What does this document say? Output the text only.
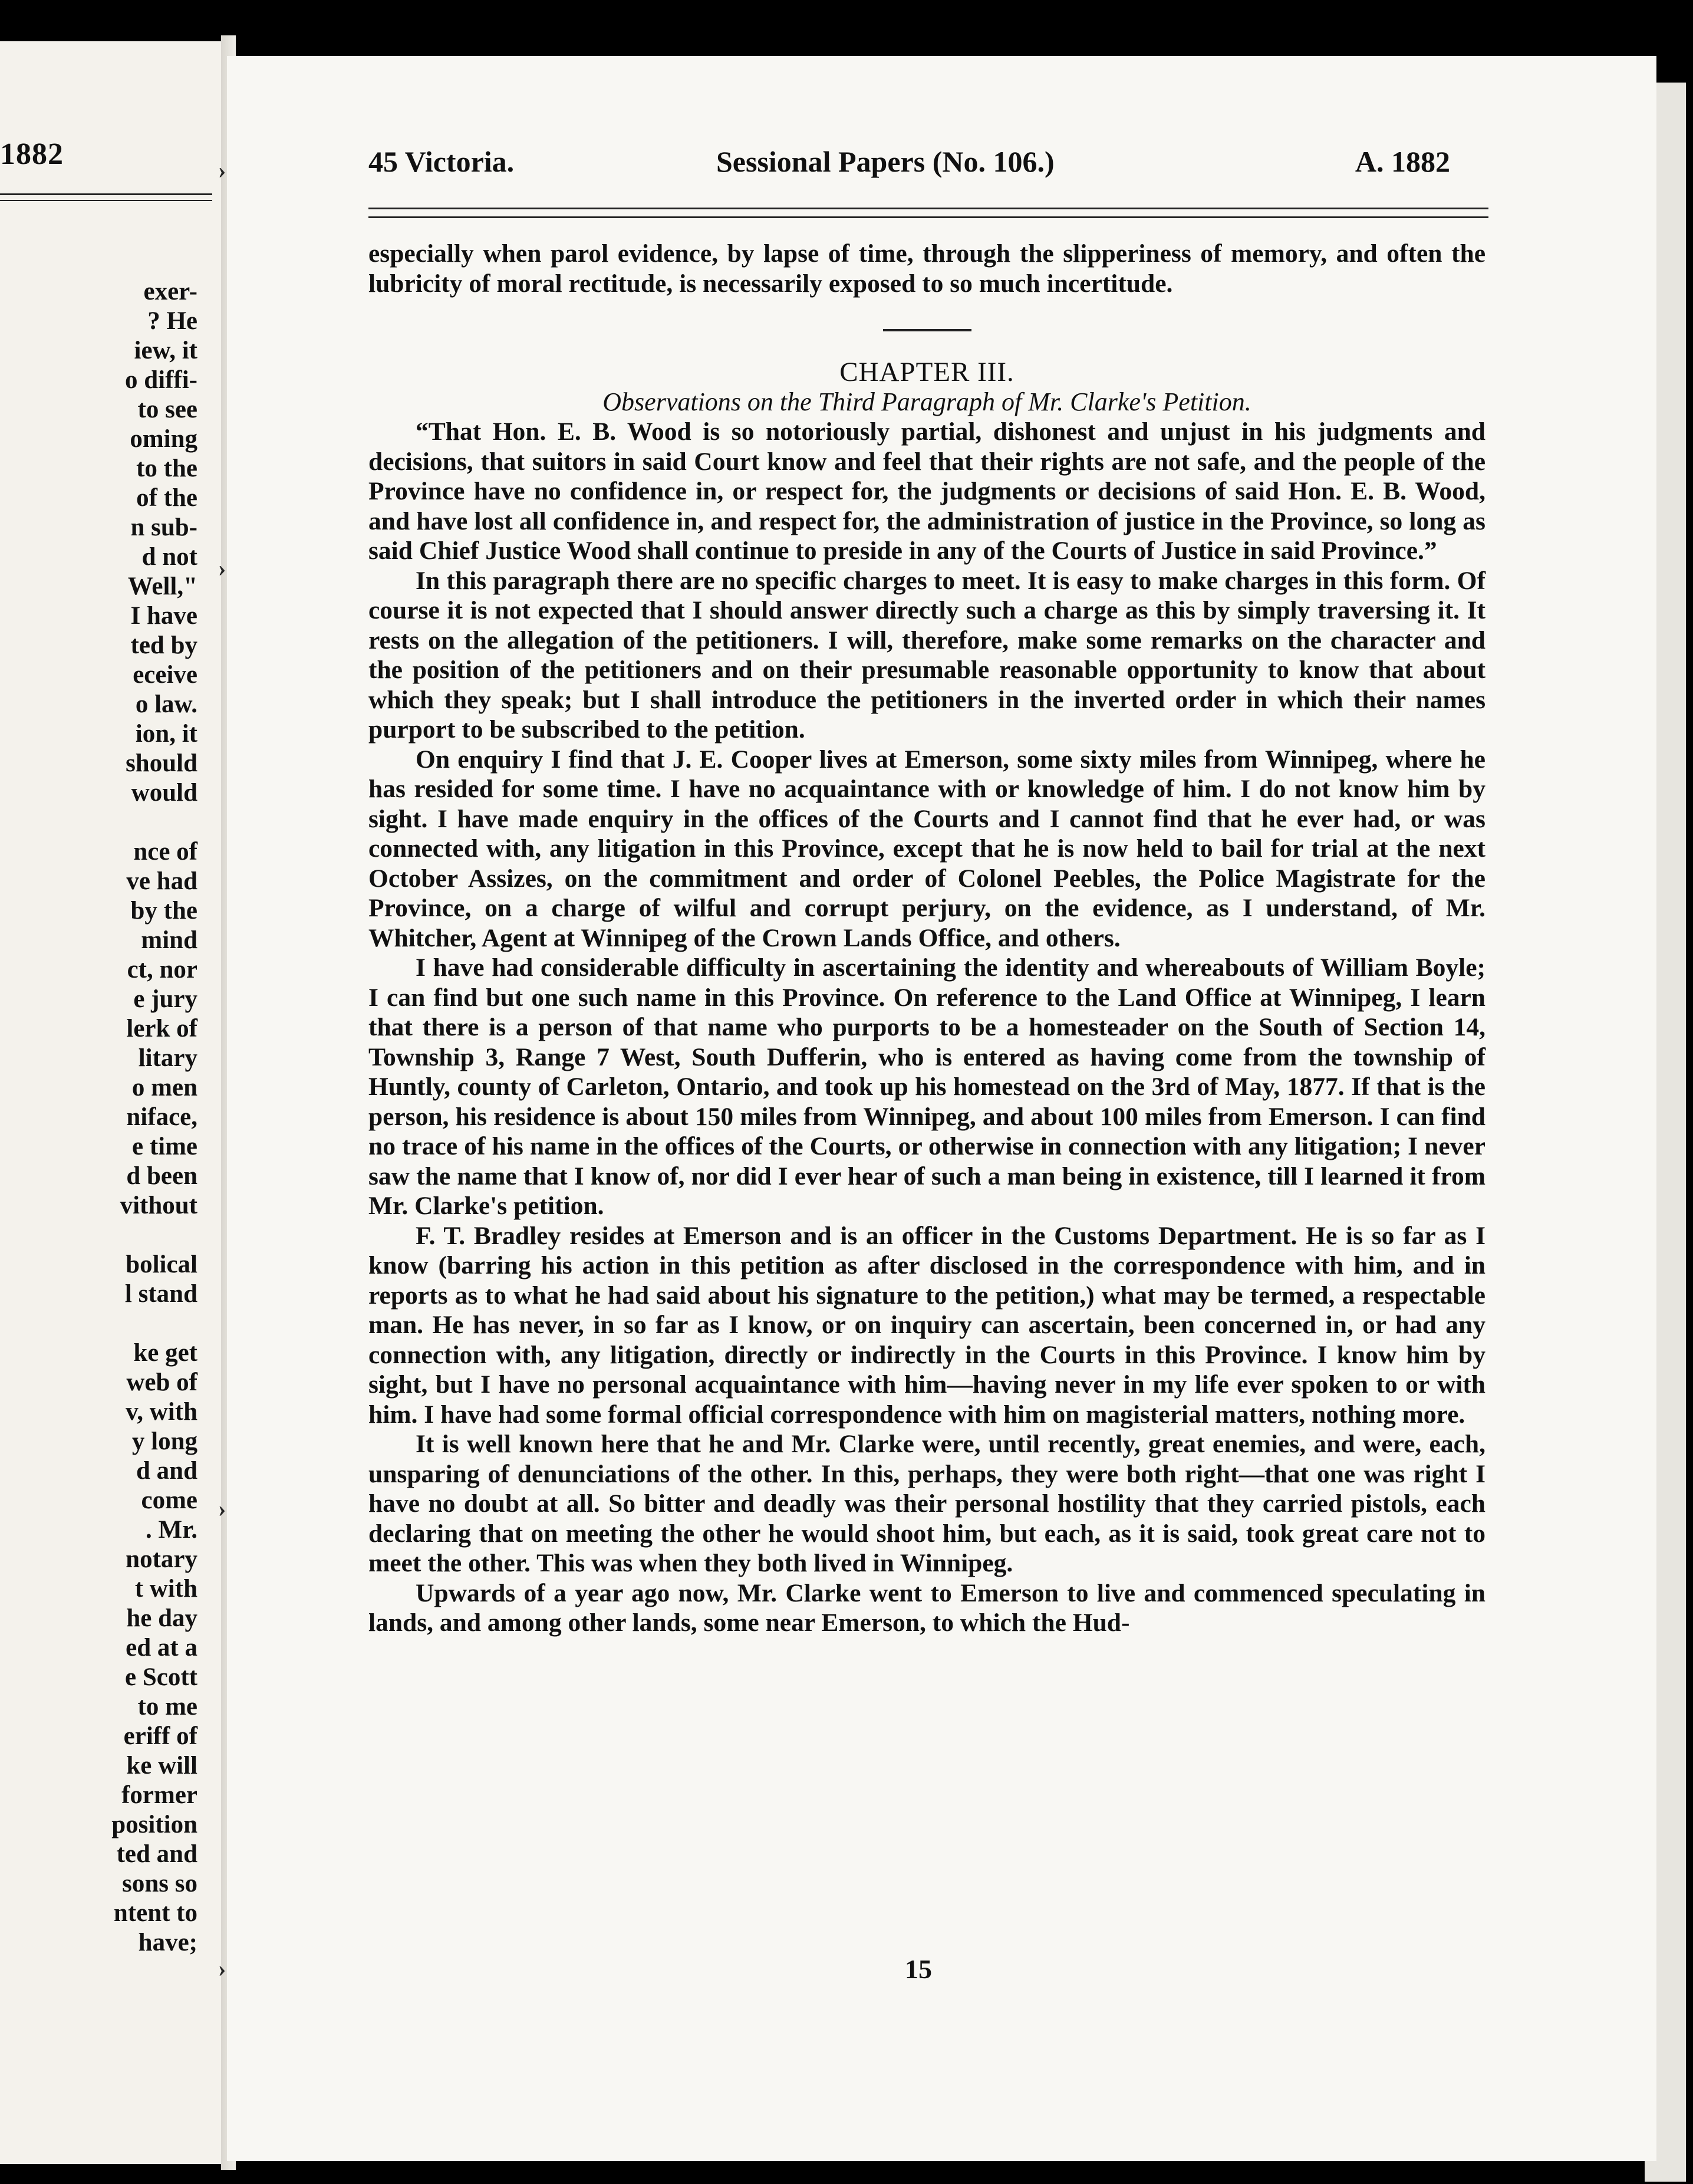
1882
exer-
? He
iew, it
o diffi-
to see
oming
to the
of the
n sub-
d not
Well,"
I have
ted by
eceive
o law.
ion, it
should
would

nce of
ve had
by the
mind
ct, nor
e jury
lerk of
litary
o men
niface,
e time
d been
vithout

bolical
l stand

ke get
web of
v, with
y long
d and
come
. Mr.
notary
t with
he day
ed at a
e Scott
to me
eriff of
ke will
former
position
ted and
sons so
ntent to
have;
45 Victoria.	Sessional Papers (No. 106.)	A. 1882
›
›
›
›

especially when parol evidence, by lapse of time, through the slipperiness of memory, and often the lubricity of moral rectitude, is necessarily exposed to so much incertitude.

CHAPTER III.

Observations on the Third Paragraph of Mr. Clarke's Petition.

“That Hon. E. B. Wood is so notoriously partial, dishonest and unjust in his judgments and decisions, that suitors in said Court know and feel that their rights are not safe, and the people of the Province have no confidence in, or respect for, the judgments or decisions of said Hon. E. B. Wood, and have lost all confidence in, and respect for, the administration of justice in the Province, so long as said Chief Justice Wood shall continue to preside in any of the Courts of Justice in said Province.”

In this paragraph there are no specific charges to meet. It is easy to make charges in this form. Of course it is not expected that I should answer directly such a charge as this by simply traversing it. It rests on the allegation of the petitioners. I will, therefore, make some remarks on the character and the position of the petitioners and on their presumable reasonable opportunity to know that about which they speak; but I shall introduce the petitioners in the inverted order in which their names purport to be subscribed to the petition.

On enquiry I find that J. E. Cooper lives at Emerson, some sixty miles from Winnipeg, where he has resided for some time. I have no acquaintance with or knowledge of him. I do not know him by sight. I have made enquiry in the offices of the Courts and I cannot find that he ever had, or was connected with, any litigation in this Province, except that he is now held to bail for trial at the next October Assizes, on the commitment and order of Colonel Peebles, the Police Magistrate for the Province, on a charge of wilful and corrupt perjury, on the evidence, as I understand, of Mr. Whitcher, Agent at Winnipeg of the Crown Lands Office, and others.

I have had considerable difficulty in ascertaining the identity and whereabouts of William Boyle; I can find but one such name in this Province. On reference to the Land Office at Winnipeg, I learn that there is a person of that name who purports to be a homesteader on the South of Section 14, Township 3, Range 7 West, South Dufferin, who is entered as having come from the township of Huntly, county of Carleton, Ontario, and took up his homestead on the 3rd of May, 1877. If that is the person, his residence is about 150 miles from Winnipeg, and about 100 miles from Emerson. I can find no trace of his name in the offices of the Courts, or otherwise in connection with any litigation; I never saw the name that I know of, nor did I ever hear of such a man being in existence, till I learned it from Mr. Clarke's petition.

F. T. Bradley resides at Emerson and is an officer in the Customs Department. He is so far as I know (barring his action in this petition as after disclosed in the correspondence with him, and in reports as to what he had said about his signature to the petition,) what may be termed, a respectable man. He has never, in so far as I know, or on inquiry can ascertain, been concerned in, or had any connection with, any litigation, directly or indirectly in the Courts in this Province. I know him by sight, but I have no personal acquaintance with him—having never in my life ever spoken to or with him. I have had some formal official correspondence with him on magisterial matters, nothing more.

It is well known here that he and Mr. Clarke were, until recently, great enemies, and were, each, unsparing of denunciations of the other. In this, perhaps, they were both right—that one was right I have no doubt at all. So bitter and deadly was their personal hostility that they carried pistols, each declaring that on meeting the other he would shoot him, but each, as it is said, took great care not to meet the other. This was when they both lived in Winnipeg.

Upwards of a year ago now, Mr. Clarke went to Emerson to live and commenced speculating in lands, and among other lands, some near Emerson, to which the Hud-

15
